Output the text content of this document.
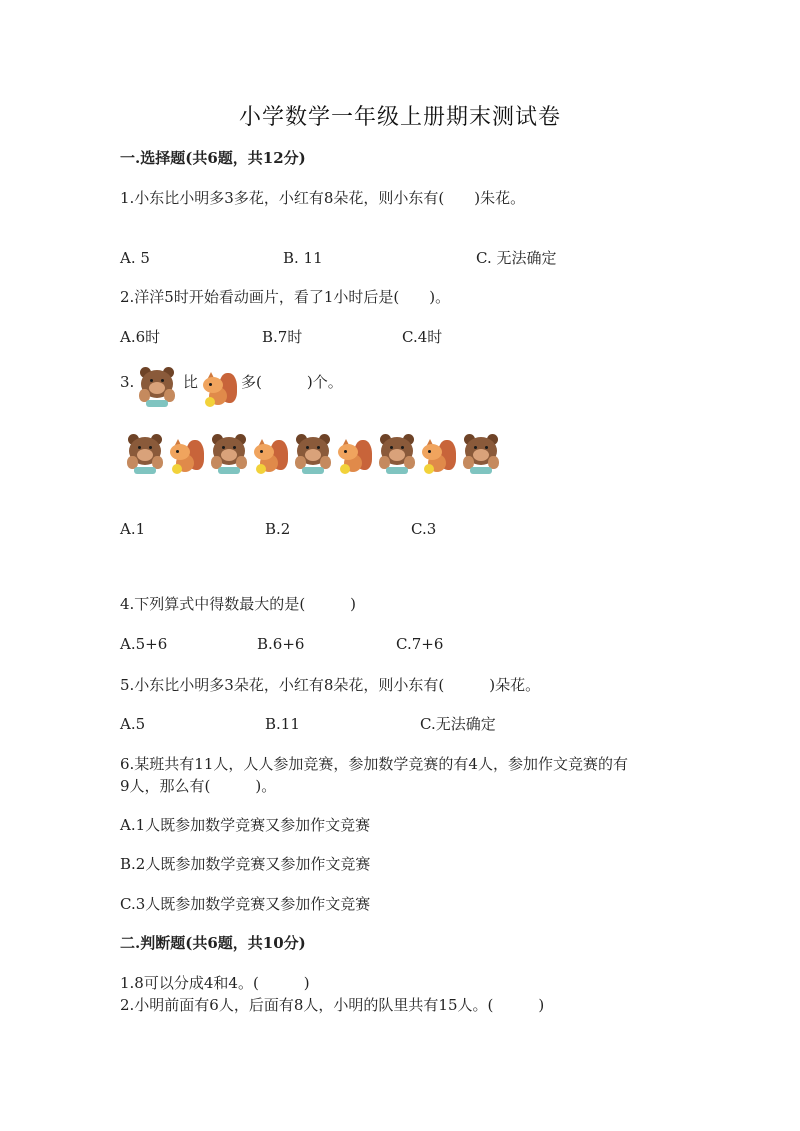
小学数学一年级上册期末测试卷
一.选择题(共6题，共12分)
1.小东比小明多3多花，小红有8朵花，则小东有(　　)朱花。
A. 5	B. 11	C. 无法确定
2.洋洋5时开始看动画片，看了1小时后是(　　)。
A.6时	B.7时	C.4时
3.	比	多(　　　)个。
A.1	B.2	C.3
4.下列算式中得数最大的是(　　　)
A.5+6	B.6+6	C.7+6
5.小东比小明多3朵花，小红有8朵花，则小东有(　　　)朵花。
A.5	B.11	C.无法确定
6.某班共有11人，人人参加竞赛，参加数学竞赛的有4人，参加作文竞赛的有
9人，那么有(　　　)。
A.1人既参加数学竞赛又参加作文竞赛
B.2人既参加数学竞赛又参加作文竞赛
C.3人既参加数学竞赛又参加作文竞赛
二.判断题(共6题，共10分)
1.8可以分成4和4。(　　　)
2.小明前面有6人，后面有8人，小明的队里共有15人。(　　　)
